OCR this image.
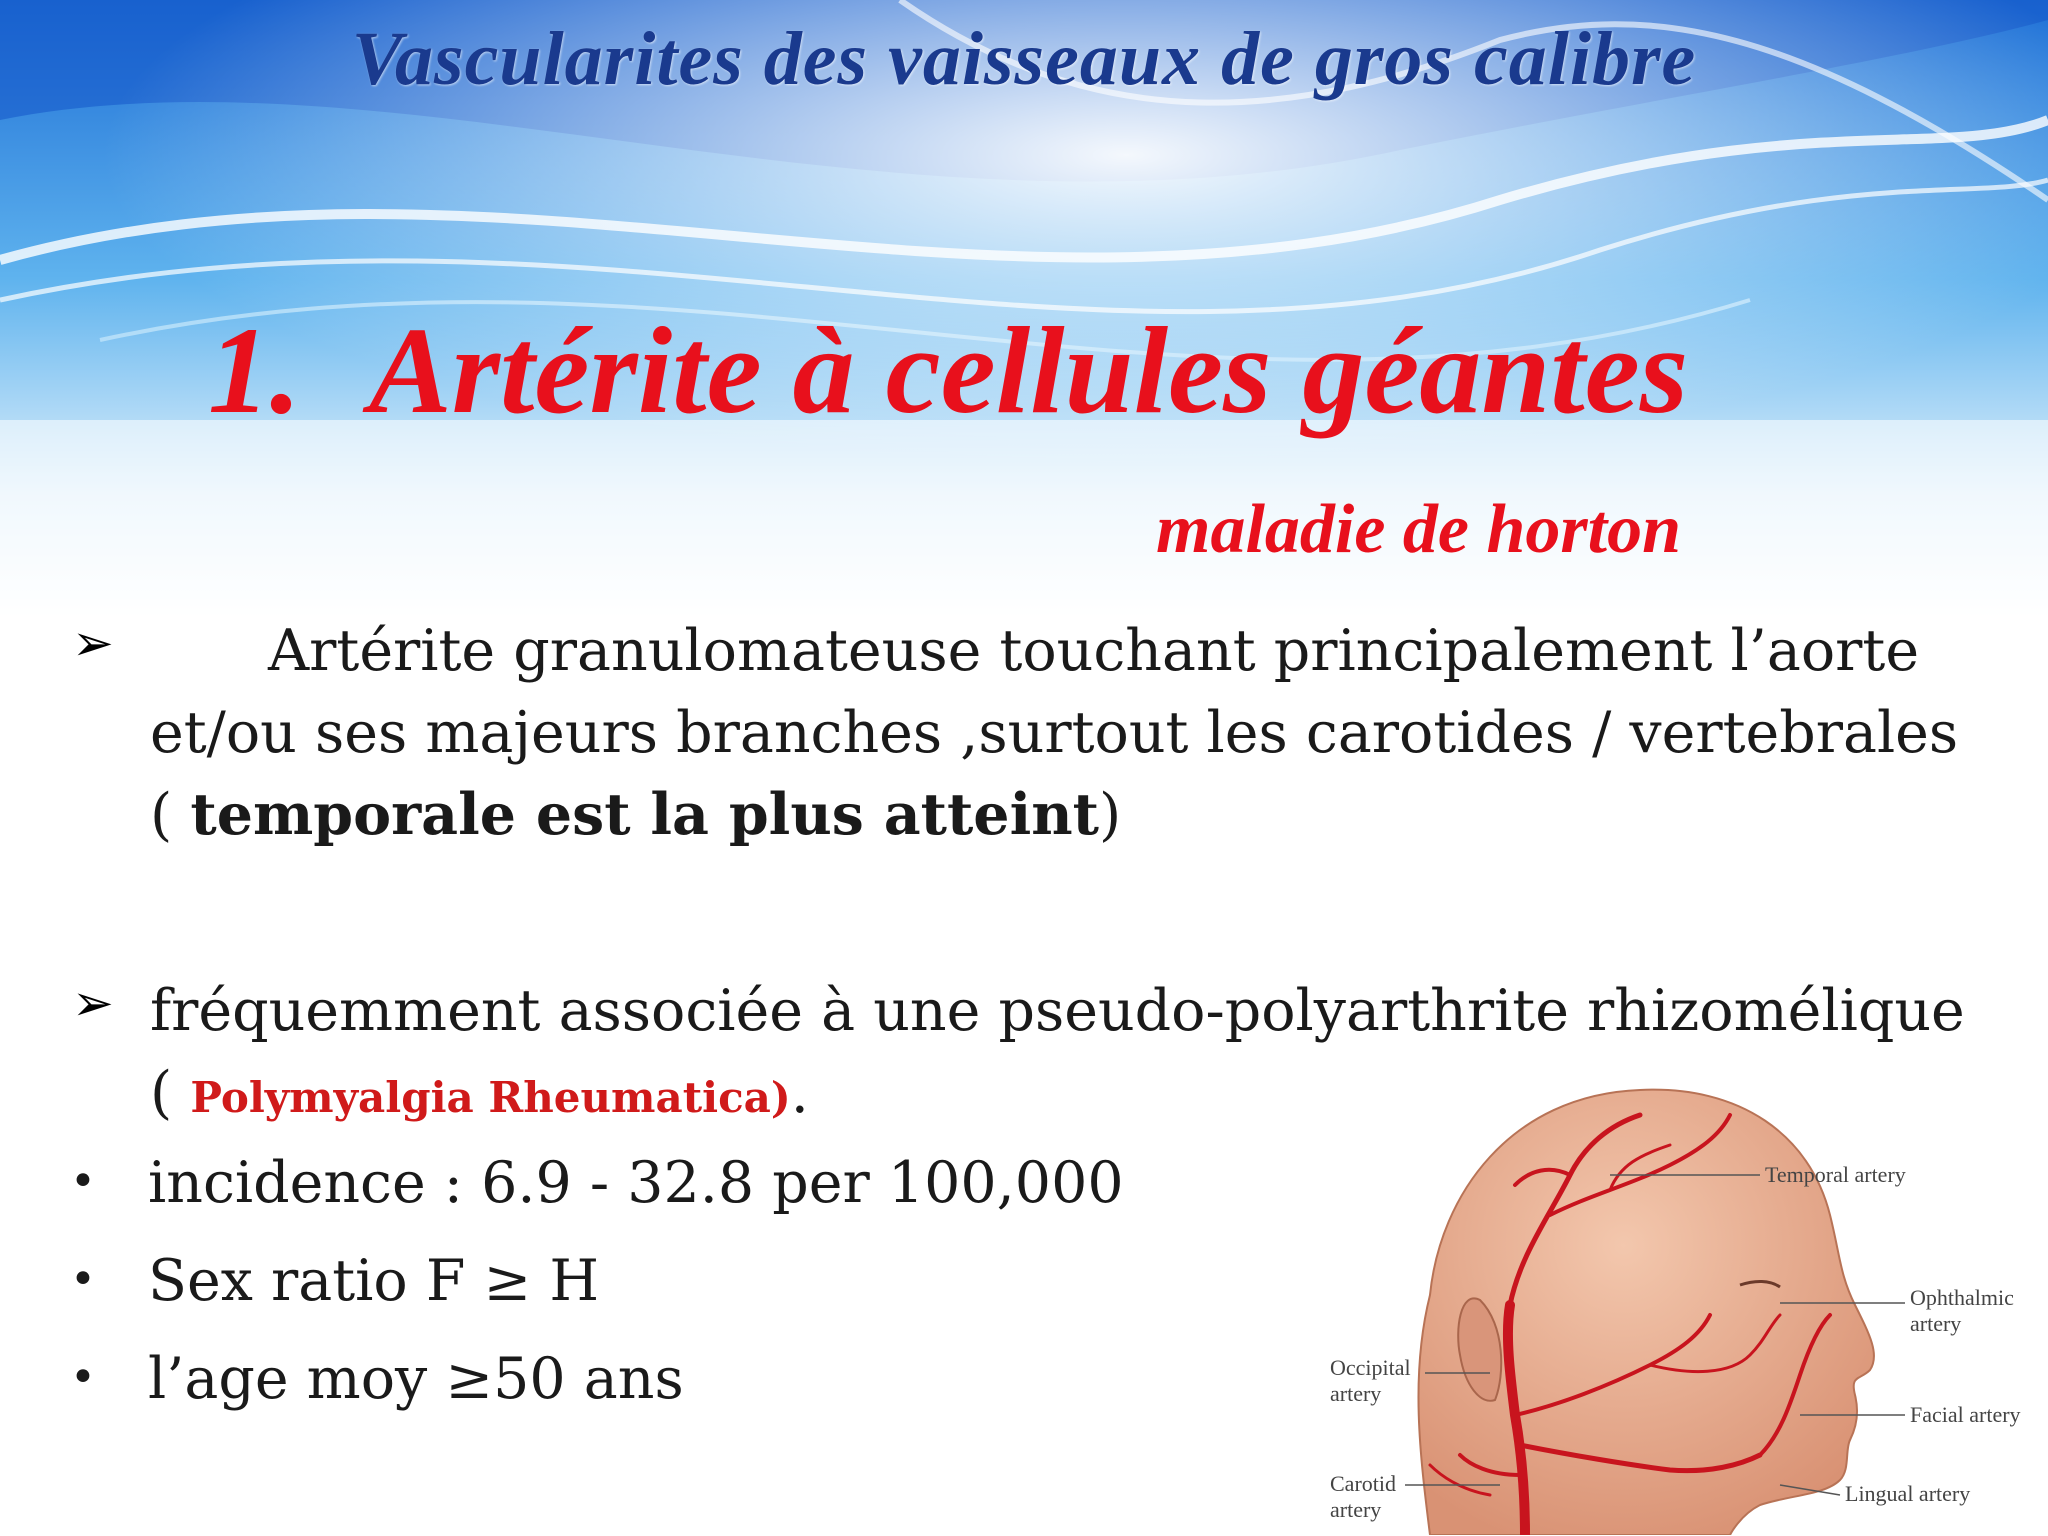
Vascularites des vaisseaux de gros calibre
1. Artérite à cellules géantes
maladie de horton
➢	Artérite granulomateuse touchant principalement l’aorte
et/ou ses majeurs branches ,surtout les carotides / vertebrales
( temporale est la plus atteint)
➢ fréquemment associée à une pseudo-polyarthrite rhizomélique
( Polymyalgia Rheumatica).
• incidence : 6.9 - 32.8 per 100,000
• Sex ratio F ≥ H
• l’age moy ≥50 ans
Temporal artery
Ophthalmic
artery
Occipital
artery
Facial artery
Carotid
artery
Lingual artery
